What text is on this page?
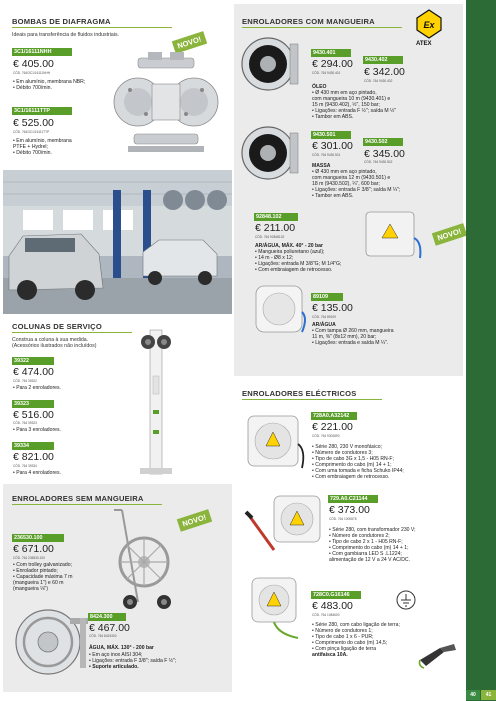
BOMBAS DE DIAFRAGMA
Ideais para transferência de fluidos industriais.	NOVO!
3C1/16111NHH
€ 405.00
CÓD. 764/3C1/16111NHH
• Em alumínio, membrana NBR;
• Débito 700/min.
3C1/16111TTP
€ 525.00
CÓD. 764/3C1/16111TTP
• Em alumínio, membrana
PTFE + Hydrel;
• Débito 700/min.
COLUNAS DE SERVIÇO
Construa a coluna à sua medida.
(Acessórios ilustrados não incluídos)
39322
€ 474.00
CÓD. 764 39322
• Para 2 enroladores.
39323
€ 516.00
CÓD. 764 39323
• Para 3 enroladores.
39334
€ 821.00
CÓD. 764 39334
• Para 4 enroladores.
ENROLADORES SEM MANGUEIRA
NOVO!
236530.100
€ 671.00
CÓD. 764 236530.100
• Com trolley galvanizado;
• Enrolador pintado;
• Capacidade máxima 7 m
(mangueira 1") e 60 m
(mangueira ⅛")
8424.300
€ 467.00
CÓD. 764 8424300
ÁGUA, MÁX. 130° - 200 bar
• Em aço inox AISI 304;
• Ligações: entrada F 3/8"; saída F ½";
• Suporte articulado.
ENROLADORES COM MANGUEIRA	Ex
ATEX
9430.401
€ 294.00
CÓD. 764 9430.401
9430.402
€ 342.00
CÓD. 764 9430.402
ÓLEO
• Ø 430 mm em aço pintado,
com mangueira 10 m (9430.401) e
15 m (9430.402), ½", 150 bar;
• Ligações: entrada F ½"; saída M ½"
• Tambor em ABS.
9430.501
€ 301.00
CÓD. 764 9430.501
9430.502
€ 345.00
CÓD. 764 9430.502
MASSA
• Ø 430 mm em aço pintado,
com mangueira 12 m (9430.501) e
18 m (9430.502), ¼", 600 bar;
• Ligações: entrada F 3/8"; saída M ¼";
• Tambor em ABS.
92848.102
€ 211.00
CÓD. 764 92848102
AR/ÁGUA, MÁX. 40° - 20 bar
• Mangueira poliuretano (azul);
• 14 m - Ø8 x 12;
• Ligações: entrada M 3/8"G; M 1/4"G;
• Com embraiagem de retrocesso.
NOVO!
89109
€ 135.00
CÓD. 764 89109
AR/ÁGUA
• Com tampa Ø 260 mm, mangueira
11 m, ⅜" (8x12 mm), 20 bar;
• Ligações: entrada e saída M ¼".
ENROLADORES ELÉCTRICOS
728A0.A32142
€ 221.00
CÓD. 764 9302890
• Série 280, 230 V monofásico;
• Número de condutores 3;
• Tipo de cabo 3G x 1,5 - H05 RN-F;
• Comprimento do cabo (m) 14 + 1;
• Com uma tomada e ficha Schuko IP44;
• Com embraiagem de retrocesso.
729.A0.C21144
€ 373.00
CÓD. 764 1000878
• Série 280, com transformador 230 V;
• Número de condutores 2;
• Tipo de cabo 2 x 1 - H05 RN-F;
• Comprimento do cabo (m) 14 + 1;
• Com gambiarra LED S .L1224;
alimentação de 12 V a 24 V AC/DC.
728C0.G16146
€ 483.00
CÓD. 764 1084600
• Série 280, com cabo ligação de terra;
• Número de condutores 1;
• Tipo de cabo 1 x 6 - PUR;
• Comprimento do cabo (m) 14,5;
• Com pinça ligação de terra
antifaísca 10A.
40	41
